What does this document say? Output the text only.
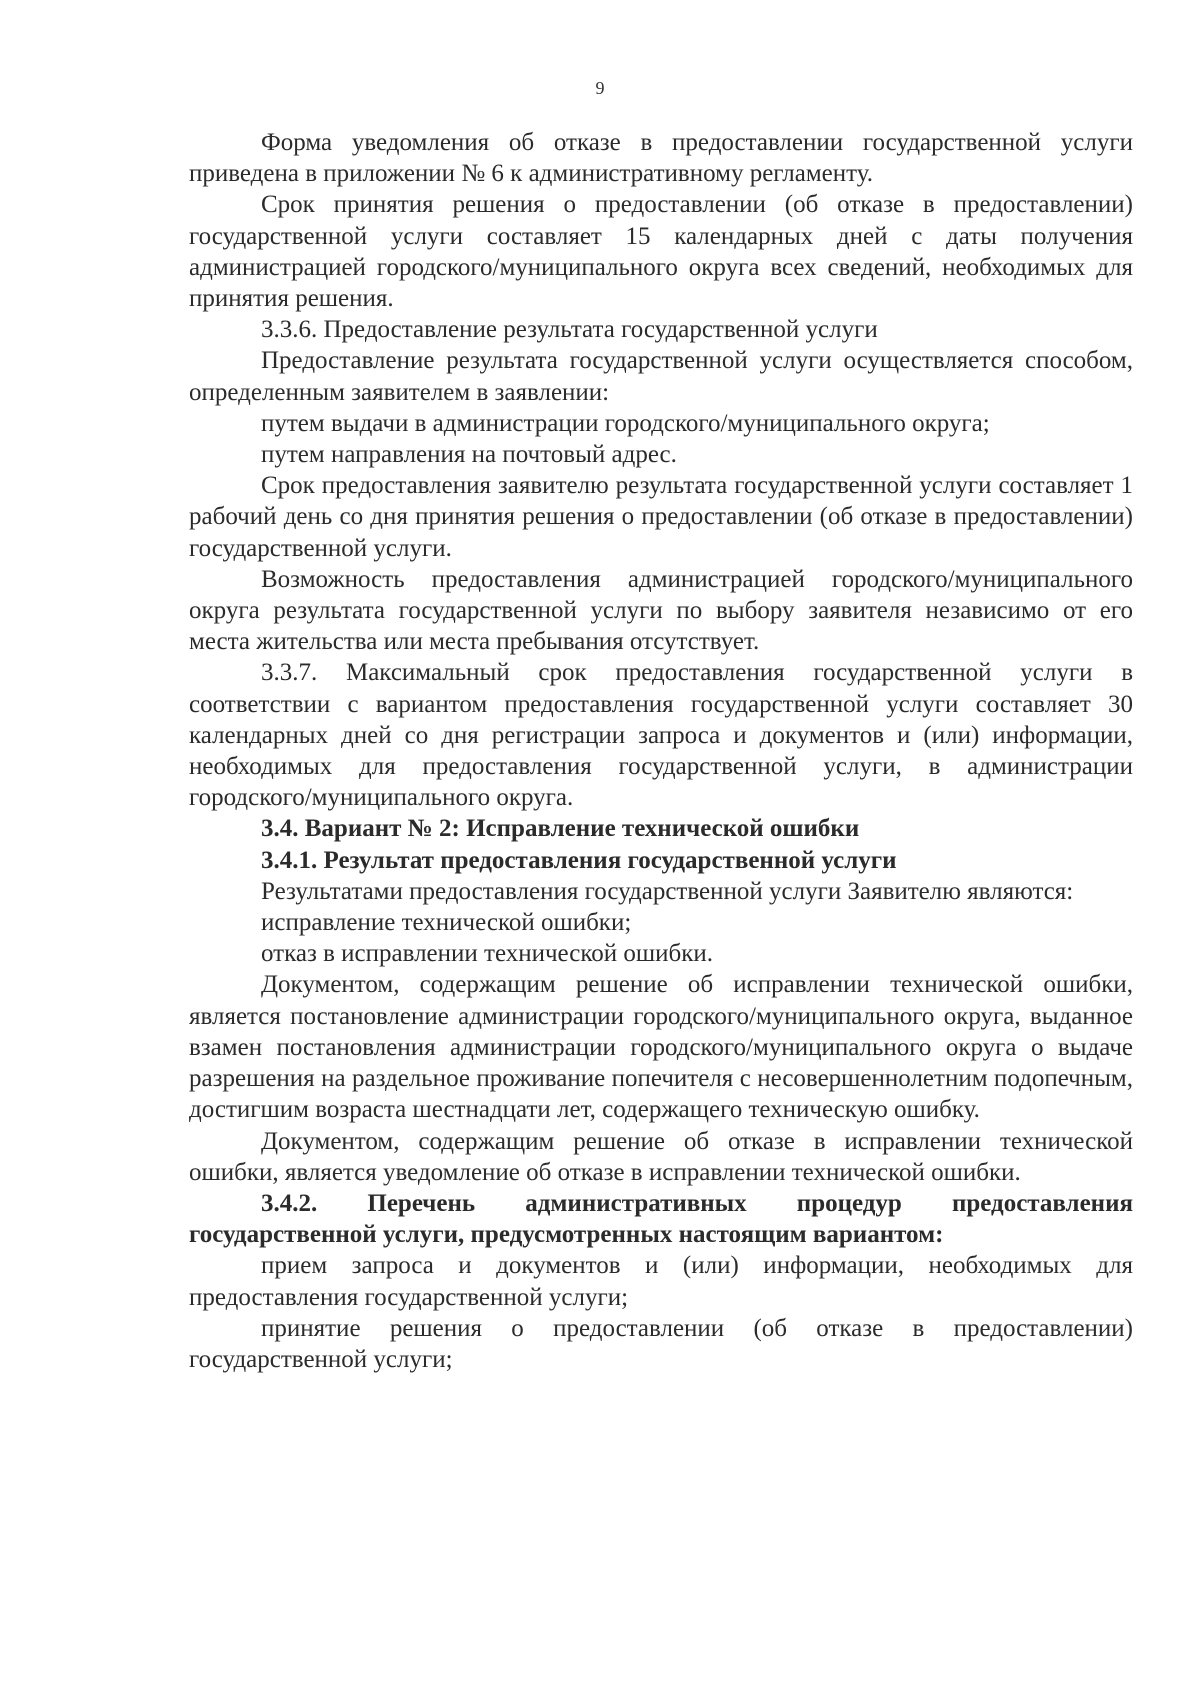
9

Форма уведомления об отказе в предоставлении государственной услуги приведена в приложении № 6 к административному регламенту.

Срок принятия решения о предоставлении (об отказе в предоставлении) государственной услуги составляет 15 календарных дней с даты получения администрацией городского/муниципального округа всех сведений, необходимых для принятия решения.

3.3.6. Предоставление результата государственной услуги

Предоставление результата государственной услуги осуществляется способом, определенным заявителем в заявлении:

путем выдачи в администрации городского/муниципального округа;

путем направления на почтовый адрес.

Срок предоставления заявителю результата государственной услуги составляет 1 рабочий день со дня принятия решения о предоставлении (об отказе в предоставлении) государственной услуги.

Возможность предоставления администрацией городского/муниципального округа результата государственной услуги по выбору заявителя независимо от его места жительства или места пребывания отсутствует.

3.3.7. Максимальный срок предоставления государственной услуги в соответствии с вариантом предоставления государственной услуги составляет 30 календарных дней со дня регистрации запроса и документов и (или) информации, необходимых для предоставления государственной услуги, в администрации городского/муниципального округа.

3.4. Вариант № 2: Исправление технической ошибки

3.4.1. Результат предоставления государственной услуги

Результатами предоставления государственной услуги Заявителю являются:

исправление технической ошибки;

отказ в исправлении технической ошибки.

Документом, содержащим решение об исправлении технической ошибки, является постановление администрации городского/муниципального округа, выданное взамен постановления администрации городского/муниципального округа о выдаче разрешения на раздельное проживание попечителя с несовершеннолетним подопечным, достигшим возраста шестнадцати лет, содержащего техническую ошибку.

Документом, содержащим решение об отказе в исправлении технической ошибки, является уведомление об отказе в исправлении технической ошибки.

3.4.2. Перечень административных процедур предоставления государственной услуги, предусмотренных настоящим вариантом:

прием запроса и документов и (или) информации, необходимых для предоставления государственной услуги;

принятие решения о предоставлении (об отказе в предоставлении) государственной услуги;
